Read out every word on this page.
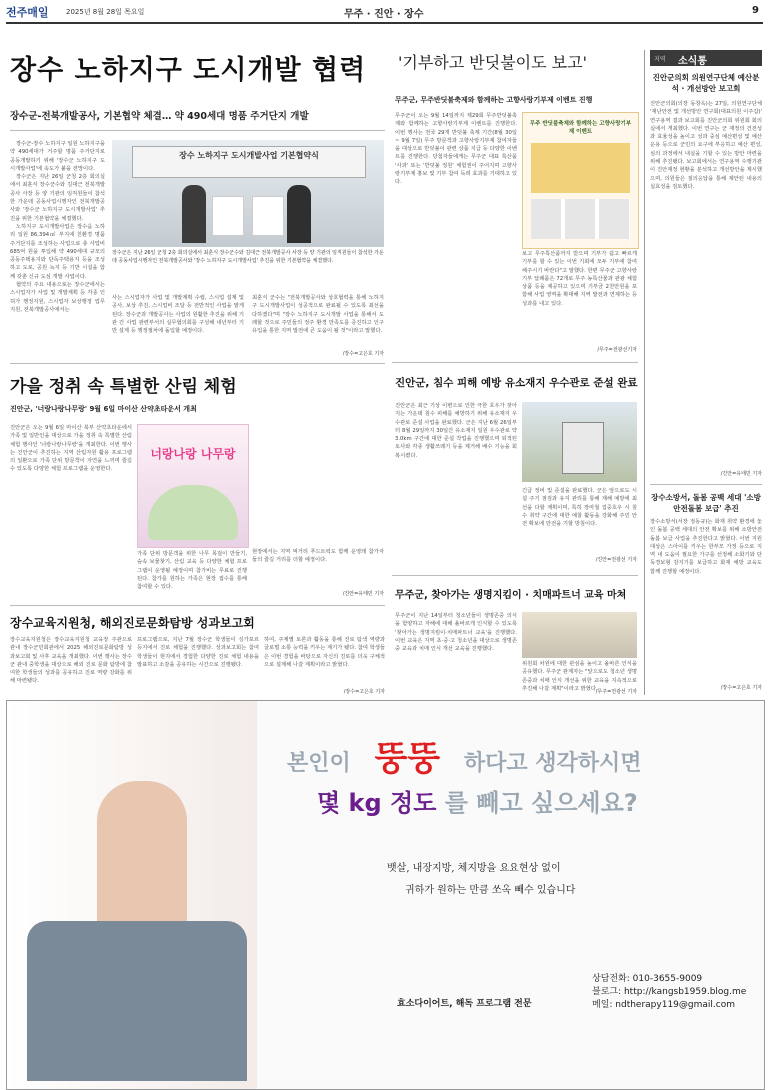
전주매일 2025년 8월 28일 목요일	무주 · 진안 · 장수	9
장수 노하지구 도시개발 협력
장수군-전북개발공사, 기본협약 체결… 약 490세대 명품 주거단지 개발

장수군-장수 노하지구 일원 노하지구을 약 490세대가 거주할 명품 주거단지로 공동개발하기 위해 '장수군 노하지구 도시개발사업'에 속도가 붙을 전망이다.

장수군은 지난 26일 군청 2층 회의실에서 최훈식 장수군수와 김대근 전북개발공사 사장 등 양 기관의 임직원들이 참석한 가운데 공동사업시행자인 전북개발공사와 '장수군 노하지구 도시개발사업' 추진을 위한 기본협약을 체결했다.

노하지구 도시개발사업은 장수읍 노하리 일원 86,394㎡ 부지에 친환경 명품 주거단지를 조성하는 사업으로 총 사업비 685억 원을 투입해 약 490세대 규모의 공동주택용지와 단독주택용지 등을 조성하고 도로, 공원 녹지 등 기반 시설을 함께 갖춘 신규 도심 개발 사업이다.

협약의 주요 내용으로는 장수군에서는 스시업자가 사업 및 개발계획 등 각종 인허가 행정지원, 스시업자 보상행정 업무 지원, 전북개발공사에서는

장수 노하지구 도시개발사업 기본협약식
장수군은 지난 26일 군청 2층 회의실에서 최훈식 장수군수와 김대근 전북개발공사 사장 등 양 기관의 임직원들이 참석한 가운데 공동사업시행자인 전북개발공사와 '장수 노하지구 도시개발사업' 추진을 위한 기본협약을 체결했다.
사는 스시업자가 사업 및 개발계획 수립, 스시업 설계 및 공사, 보상 추진, 스시업비 조달 등 전반적인 사업을 맡게 된다. 장수군과 개발공사는 사업의 원활한 추진을 위해 기관 간 사업 관련부서의 실무협의회를 구성해 내년부터 기반 설계 등 행정절차에 돌입할 예정이다.
최훈식 군수는 "전북개발공사와 상호협력을 통해 노하지구 도시개발사업이 성공적으로 완료될 수 있도록 최선을 다하겠다"며 "장수 노하지구 도시개발 사업을 통해서 도래할 것으로 주민들의 정주 환경 만족도를 증진하고 인구 유입을 통한 지역 발전에 큰 도움이 될 것"이라고 말했다.
/장수=고은호 기자
'기부하고 반딧불이도 보고'
무주군, 무주반딧불축제와 함께하는 고향사랑기부제 이벤트 진행
무주군이 오는 9월 14일까지 제29회 무주반딧불축제와 함께하는 고향사랑기부제 이벤트를 진행한다. 이번 행사는 전국 29개 반딧불 축제 기간(8월 30일 ~ 9월 7일) 무주 방문객과 고향사랑기부제 참여자들을 대상으로 반딧불이 관련 상품 지급 등 다양한 이벤트를 진행한다. 당첨자들에게는 무주군 대표 특산품 '사과' 또는 '반딧불 정원' 체험권이 주어지며 고향사랑기부제 홍보 및 기부 참여 독려 효과를 기대하고 있다.
무주 반딧불축제와 함께하는 고향사랑기부제 이벤트
보고 무주특산품까지 받으며 기부가 쉽고 빠르게 기부를 할 수 있는 이번 기회에 모두 기부에 참여해주시기 바란다"고 말했다. 한편 무주군 고향사랑기부 답례품은 72개로 무주 농특산물과 관광 체험상품 등을 제공하고 있으며 기부금 2천만원을 포함해 사업 영역을 확대해 지역 발전과 연계하는 등 성과를 내고 있다.
/무주=전광선기자
진안군, 침수 피해 예방 유소재지 우수관로 준설 완료
진안군은 최근 기상 이변으로 인한 극한 호우가 잦아지는 가운데 침수 피해를 예방하기 위해 유소재지 우수관로 준설 사업을 완료했다. 군은 지난 6월 26일부터 8월 29일까지 30일간 유소재지 일원 우수관로 약 3.0km 구간에 대한 준설 작업을 진행했으며 퇴적된 토사와 각종 생활쓰레기 등을 제거해 배수 기능을 회복시켰다.
긴급 정비 및 준설을 완료했다. 군은 앞으로도 시설 주기 점검과 유지 관리를 통해 재해 예방에 최선을 다할 계획이며, 특히 장마철 집중호우 시 침수 취약 구간에 대한 예찰 활동을 강화해 주민 안전 확보에 만전을 기할 방침이다.
/진안=전광선 기자
가을 정취 속 특별한 산림 체험
진안군, '너랑나랑나무랑' 9월 6일 마이산 산약초타운서 개최
진안군은 오는 9월 6일 마이산 북부 산약초타운에서 가족 및 일반인을 대상으로 가을 정취 속 특별한 산림 체험 행사인 '너랑나랑나무랑'을 개최한다. 이번 행사는 진안군이 추진하는 지역 산림자원 활용 프로그램의 일환으로 가족 단위 방문객이 자연을 느끼며 즐길 수 있도록 다양한 체험 프로그램을 운영한다.
너랑나랑 나무랑
가족 단위 방문객을 위한 나무 목걸이 만들기, 숲속 보물찾기, 산림 교육 등 다양한 체험 프로그램이 운영될 예정이며 참가비는 무료로 진행된다. 참가를 원하는 가족은 현장 접수를 통해 참여할 수 있다.
현장에서는 지역 먹거리 푸드트럭도 함께 운영돼 참가자들의 즐길 거리를 더할 예정이다.
/진안=유태민 기자 무주군, 찾아가는 생명지킴이 · 치매파트너 교육 마쳐
무주군이 지난 14일부터 청소년들이 생명존중 의식을 함양하고 자해에 대해 올바르게 인식할 수 있도록 '찾아가는 생명지킴이·치매파트너 교육'을 진행했다. 이번 교육은 지역 초·중·고 청소년을 대상으로 생명존중 교육과 치매 인식 개선 교육을 진행했다.
위원회 차원에 대한 관심을 높이고 올바른 인식을 공유했다. 무주군 관계자는 "앞으로도 청소년 생명존중과 치매 인식 개선을 위한 교육을 지속적으로 추진해 나갈 계획"이라고 밝혔다.
/무주=전광선 기자
장수교육지원청, 해외진로문화탐방 성과보고회
장수교육지원청은 장수교육지원청 교육장 주관으로 관내 장수군민회관에서 2025 해외진로문화탐방 성과보고회 및 사후 교육을 개최했다. 이번 행사는 장수군 관내 중학생을 대상으로 해외 진로 문화 탐방에 참여한 학생들의 성과를 공유하고 진로 역량 강화를 위해 마련됐다.
프로그램으로, 지난 7월 장수군 학생들이 싱가포르 등지에서 진로 체험을 진행했다. 성과보고회는 참여 학생들이 현지에서 경험한 다양한 진로 체험 내용을 발표하고 소감을 공유하는 시간으로 진행됐다.
하여, 주제별 토론과 활동을 통해 진로 탐색 역량과 글로벌 소통 능력을 키우는 계기가 됐다. 참여 학생들은 이번 경험을 바탕으로 자신의 진로를 더욱 구체적으로 설계해 나갈 계획이라고 밝혔다.
/장수=고은호 기자
지역 소식통
진안군의회 의원연구단체 예산분석 · 개선방안 보고회
진안군의회(의장 동창옥)는 27일, 의원연구단체 '재난안전 및 개선방안 연구회(대표의원 이주갑)' 연구용역 결과 보고회를 진안군의회 위원회 회의실에서 개최했다. 이번 연구는 군 재정의 건전성과 효율성을 높이고 성과 중심 예산편성 및 예산운용 등으로 군민의 요구에 부응하고 예산 편성, 심의 과정에서 내실을 기할 수 있는 방안 마련을 위해 추진됐다. 보고회에서는 연구용역 수행기관이 진안재정 현황을 분석하고 개선방안을 제시했으며, 의원들은 질의응답을 통해 제안된 내용의 실효성을 검토했다.
/진안=유태민 기자
장수소방서, 돌봄 공백 세대 '소방안전돌봄 보급' 추진
장수소방서(서장 정동규)는 화재 취약 환경에 놓인 돌봄 공백 세대의 안전 확보를 위해 소방안전돌봄 보급 사업을 추진한다고 밝혔다. 이번 지원 대상은 스아이를 키우는 한부모 가정 등으로 지역 내 도움이 필요한 가구를 선정해 소화기와 단독경보형 감지기를 보급하고 화재 예방 교육도 함께 진행할 예정이다.
/장수=고은호 기자
본인이 뚱뚱 하다고 생각하시면
몇 kg 정도 를 빼고 싶으세요?
뱃살, 내장지방, 체지방을 요요현상 없이
귀하가 원하는 만큼 쏘옥 빼수 있습니다
효소다이어트, 해독 프로그램 전문
상담전화: 010-3655-9009
블로그: http://kangsb1959.blog.me
메일: ndtherapy119@gmail.com
